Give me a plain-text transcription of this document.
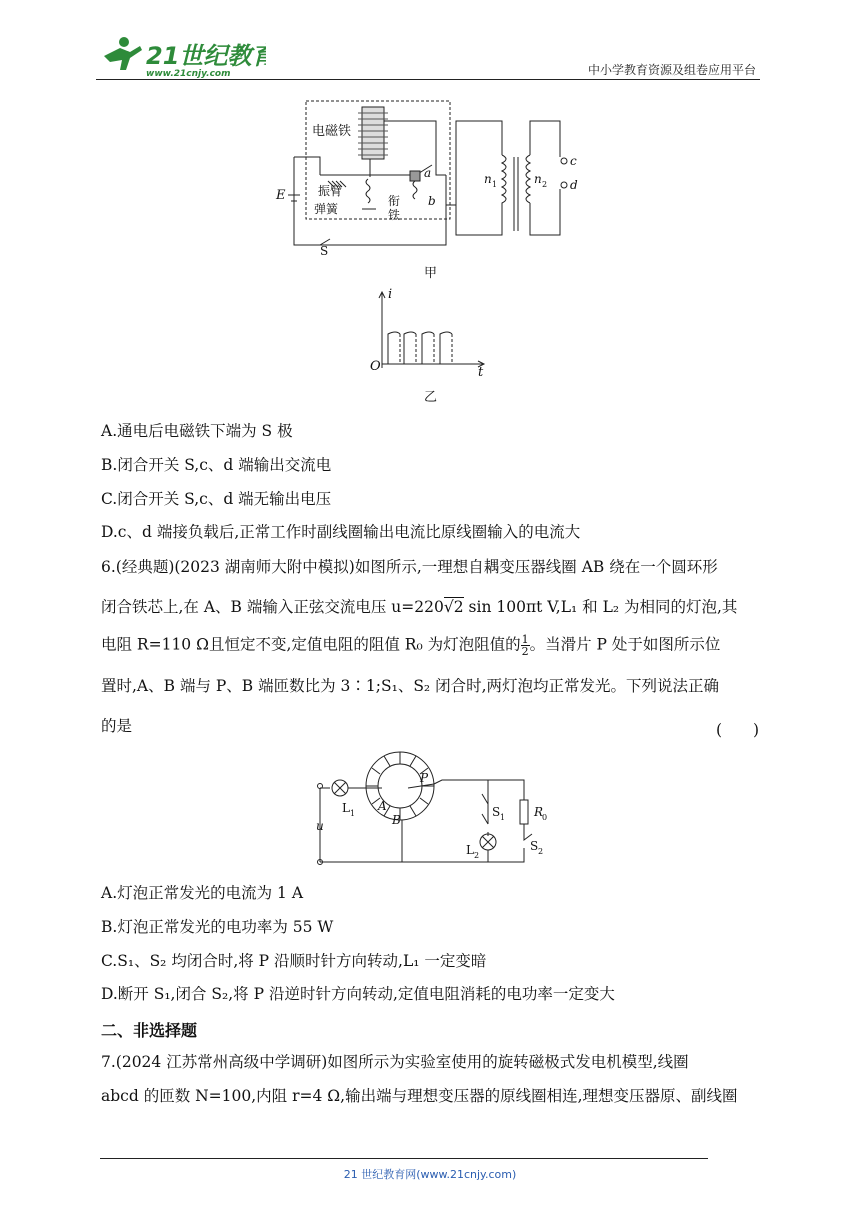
21世纪教育
www.21cnjy.com	中小学教育资源及组卷应用平台
电磁铁
振臂
弹簧
衔
铁
E
S
a
b
n 1	n 2
c
d
甲
i
t
O
乙
A.通电后电磁铁下端为 S 极
B.闭合开关 S,c、d 端输出交流电
C.闭合开关 S,c、d 端无输出电压
D.c、d 端接负载后,正常工作时副线圈输出电流比原线圈输入的电流大
6.(经典题)(2023 湖南师大附中模拟)如图所示,一理想自耦变压器线圈 AB 绕在一个圆环形
闭合铁芯上,在 A、B 端输入正弦交流电压 u=220√2 sin 100πt V,L₁ 和 L₂ 为相同的灯泡,其
电阻 R=110 Ω且恒定不变,定值电阻的阻值 R₀ 为灯泡阻值的 $\frac{1}{2}$ 。当滑片 P 处于如图所示位
置时,A、B 端与 P、B 端匝数比为 3∶1;S₁、S₂ 闭合时,两灯泡均正常发光。下列说法正确
的是	(　　)
L 1
A
B
P
u
S 1 R
0
L 2
S 2
A.灯泡正常发光的电流为 1 A
B.灯泡正常发光的电功率为 55 W
C.S₁、S₂ 均闭合时,将 P 沿顺时针方向转动,L₁ 一定变暗
D.断开 S₁,闭合 S₂,将 P 沿逆时针方向转动,定值电阻消耗的电功率一定变大
二、非选择题
7.(2024 江苏常州高级中学调研)如图所示为实验室使用的旋转磁极式发电机模型,线圈
abcd 的匝数 N=100,内阻 r=4 Ω,输出端与理想变压器的原线圈相连,理想变压器原、副线圈
21 世纪教育网(www.21cnjy.com)
